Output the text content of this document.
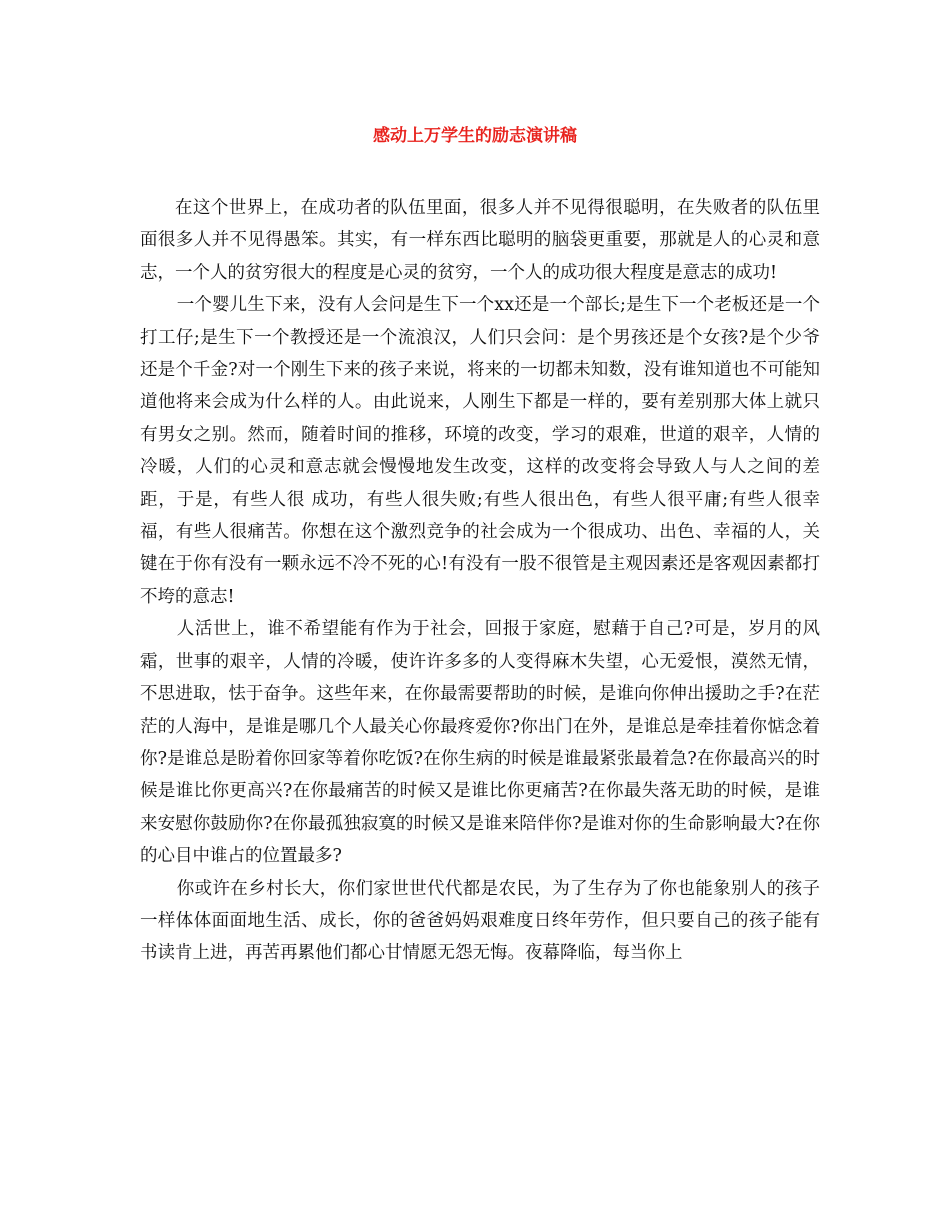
感动上万学生的励志演讲稿

在这个世界上，在成功者的队伍里面，很多人并不见得很聪明，在失败者的队伍里面很多人并不见得愚笨。其实，有一样东西比聪明的脑袋更重要，那就是人的心灵和意志，一个人的贫穷很大的程度是心灵的贫穷，一个人的成功很大程度是意志的成功!

一个婴儿生下来，没有人会问是生下一个xx还是一个部长;是生下一个老板还是一个打工仔;是生下一个教授还是一个流浪汉，人们只会问：是个男孩还是个女孩?是个少爷还是个千金?对一个刚生下来的孩子来说，将来的一切都未知数，没有谁知道也不可能知道他将来会成为什么样的人。由此说来，人刚生下都是一样的，要有差别那大体上就只有男女之别。然而，随着时间的推移，环境的改变，学习的艰难，世道的艰辛，人情的冷暖，人们的心灵和意志就会慢慢地发生改变，这样的改变将会导致人与人之间的差距，于是，有些人很 成功，有些人很失败;有些人很出色，有些人很平庸;有些人很幸福，有些人很痛苦。你想在这个激烈竞争的社会成为一个很成功、出色、幸福的人，关键在于你有没有一颗永远不冷不死的心!有没有一股不很管是主观因素还是客观因素都打不垮的意志!

人活世上，谁不希望能有作为于社会，回报于家庭，慰藉于自己?可是，岁月的风霜，世事的艰辛，人情的冷暖，使许许多多的人变得麻木失望，心无爱恨，漠然无情，不思进取，怯于奋争。这些年来，在你最需要帮助的时候，是谁向你伸出援助之手?在茫茫的人海中，是谁是哪几个人最关心你最疼爱你?你出门在外，是谁总是牵挂着你惦念着你?是谁总是盼着你回家等着你吃饭?在你生病的时候是谁最紧张最着急?在你最高兴的时候是谁比你更高兴?在你最痛苦的时候又是谁比你更痛苦?在你最失落无助的时候，是谁来安慰你鼓励你?在你最孤独寂寞的时候又是谁来陪伴你?是谁对你的生命影响最大?在你的心目中谁占的位置最多?

你或许在乡村长大，你们家世世代代都是农民，为了生存为了你也能象别人的孩子一样体体面面地生活、成长，你的爸爸妈妈艰难度日终年劳作，但只要自己的孩子能有书读肯上进，再苦再累他们都心甘情愿无怨无悔。夜幕降临，每当你上
